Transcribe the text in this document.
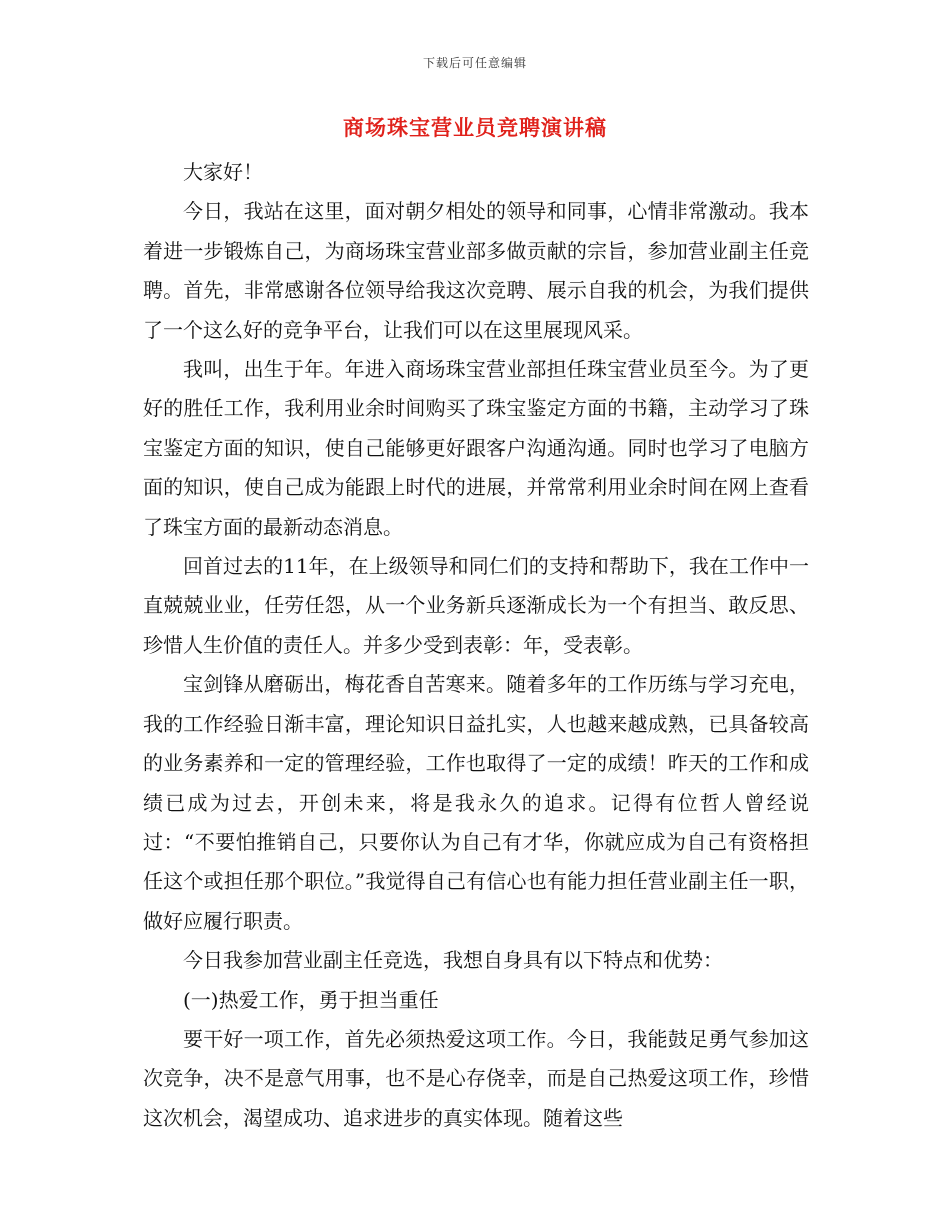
下载后可任意编辑
商场珠宝营业员竞聘演讲稿

大家好！

今日，我站在这里，面对朝夕相处的领导和同事，心情非常激动。我本着进一步锻炼自己，为商场珠宝营业部多做贡献的宗旨，参加营业副主任竞聘。首先，非常感谢各位领导给我这次竞聘、展示自我的机会，为我们提供了一个这么好的竞争平台，让我们可以在这里展现风采。

我叫，出生于年。年进入商场珠宝营业部担任珠宝营业员至今。为了更好的胜任工作，我利用业余时间购买了珠宝鉴定方面的书籍，主动学习了珠宝鉴定方面的知识，使自己能够更好跟客户沟通沟通。同时也学习了电脑方面的知识，使自己成为能跟上时代的进展，并常常利用业余时间在网上查看了珠宝方面的最新动态消息。

回首过去的11年，在上级领导和同仁们的支持和帮助下，我在工作中一直兢兢业业，任劳任怨，从一个业务新兵逐渐成长为一个有担当、敢反思、珍惜人生价值的责任人。并多少受到表彰：年，受表彰。

宝剑锋从磨砺出，梅花香自苦寒来。随着多年的工作历练与学习充电，我的工作经验日渐丰富，理论知识日益扎实，人也越来越成熟，已具备较高的业务素养和一定的管理经验，工作也取得了一定的成绩！昨天的工作和成绩已成为过去，开创未来，将是我永久的追求。记得有位哲人曾经说过：“不要怕推销自己，只要你认为自己有才华，你就应成为自己有资格担任这个或担任那个职位。”我觉得自己有信心也有能力担任营业副主任一职，做好应履行职责。

今日我参加营业副主任竞选，我想自身具有以下特点和优势：

(一)热爱工作，勇于担当重任

要干好一项工作，首先必须热爱这项工作。今日，我能鼓足勇气参加这次竞争，决不是意气用事，也不是心存侥幸，而是自己热爱这项工作，珍惜这次机会，渴望成功、追求进步的真实体现。随着这些
